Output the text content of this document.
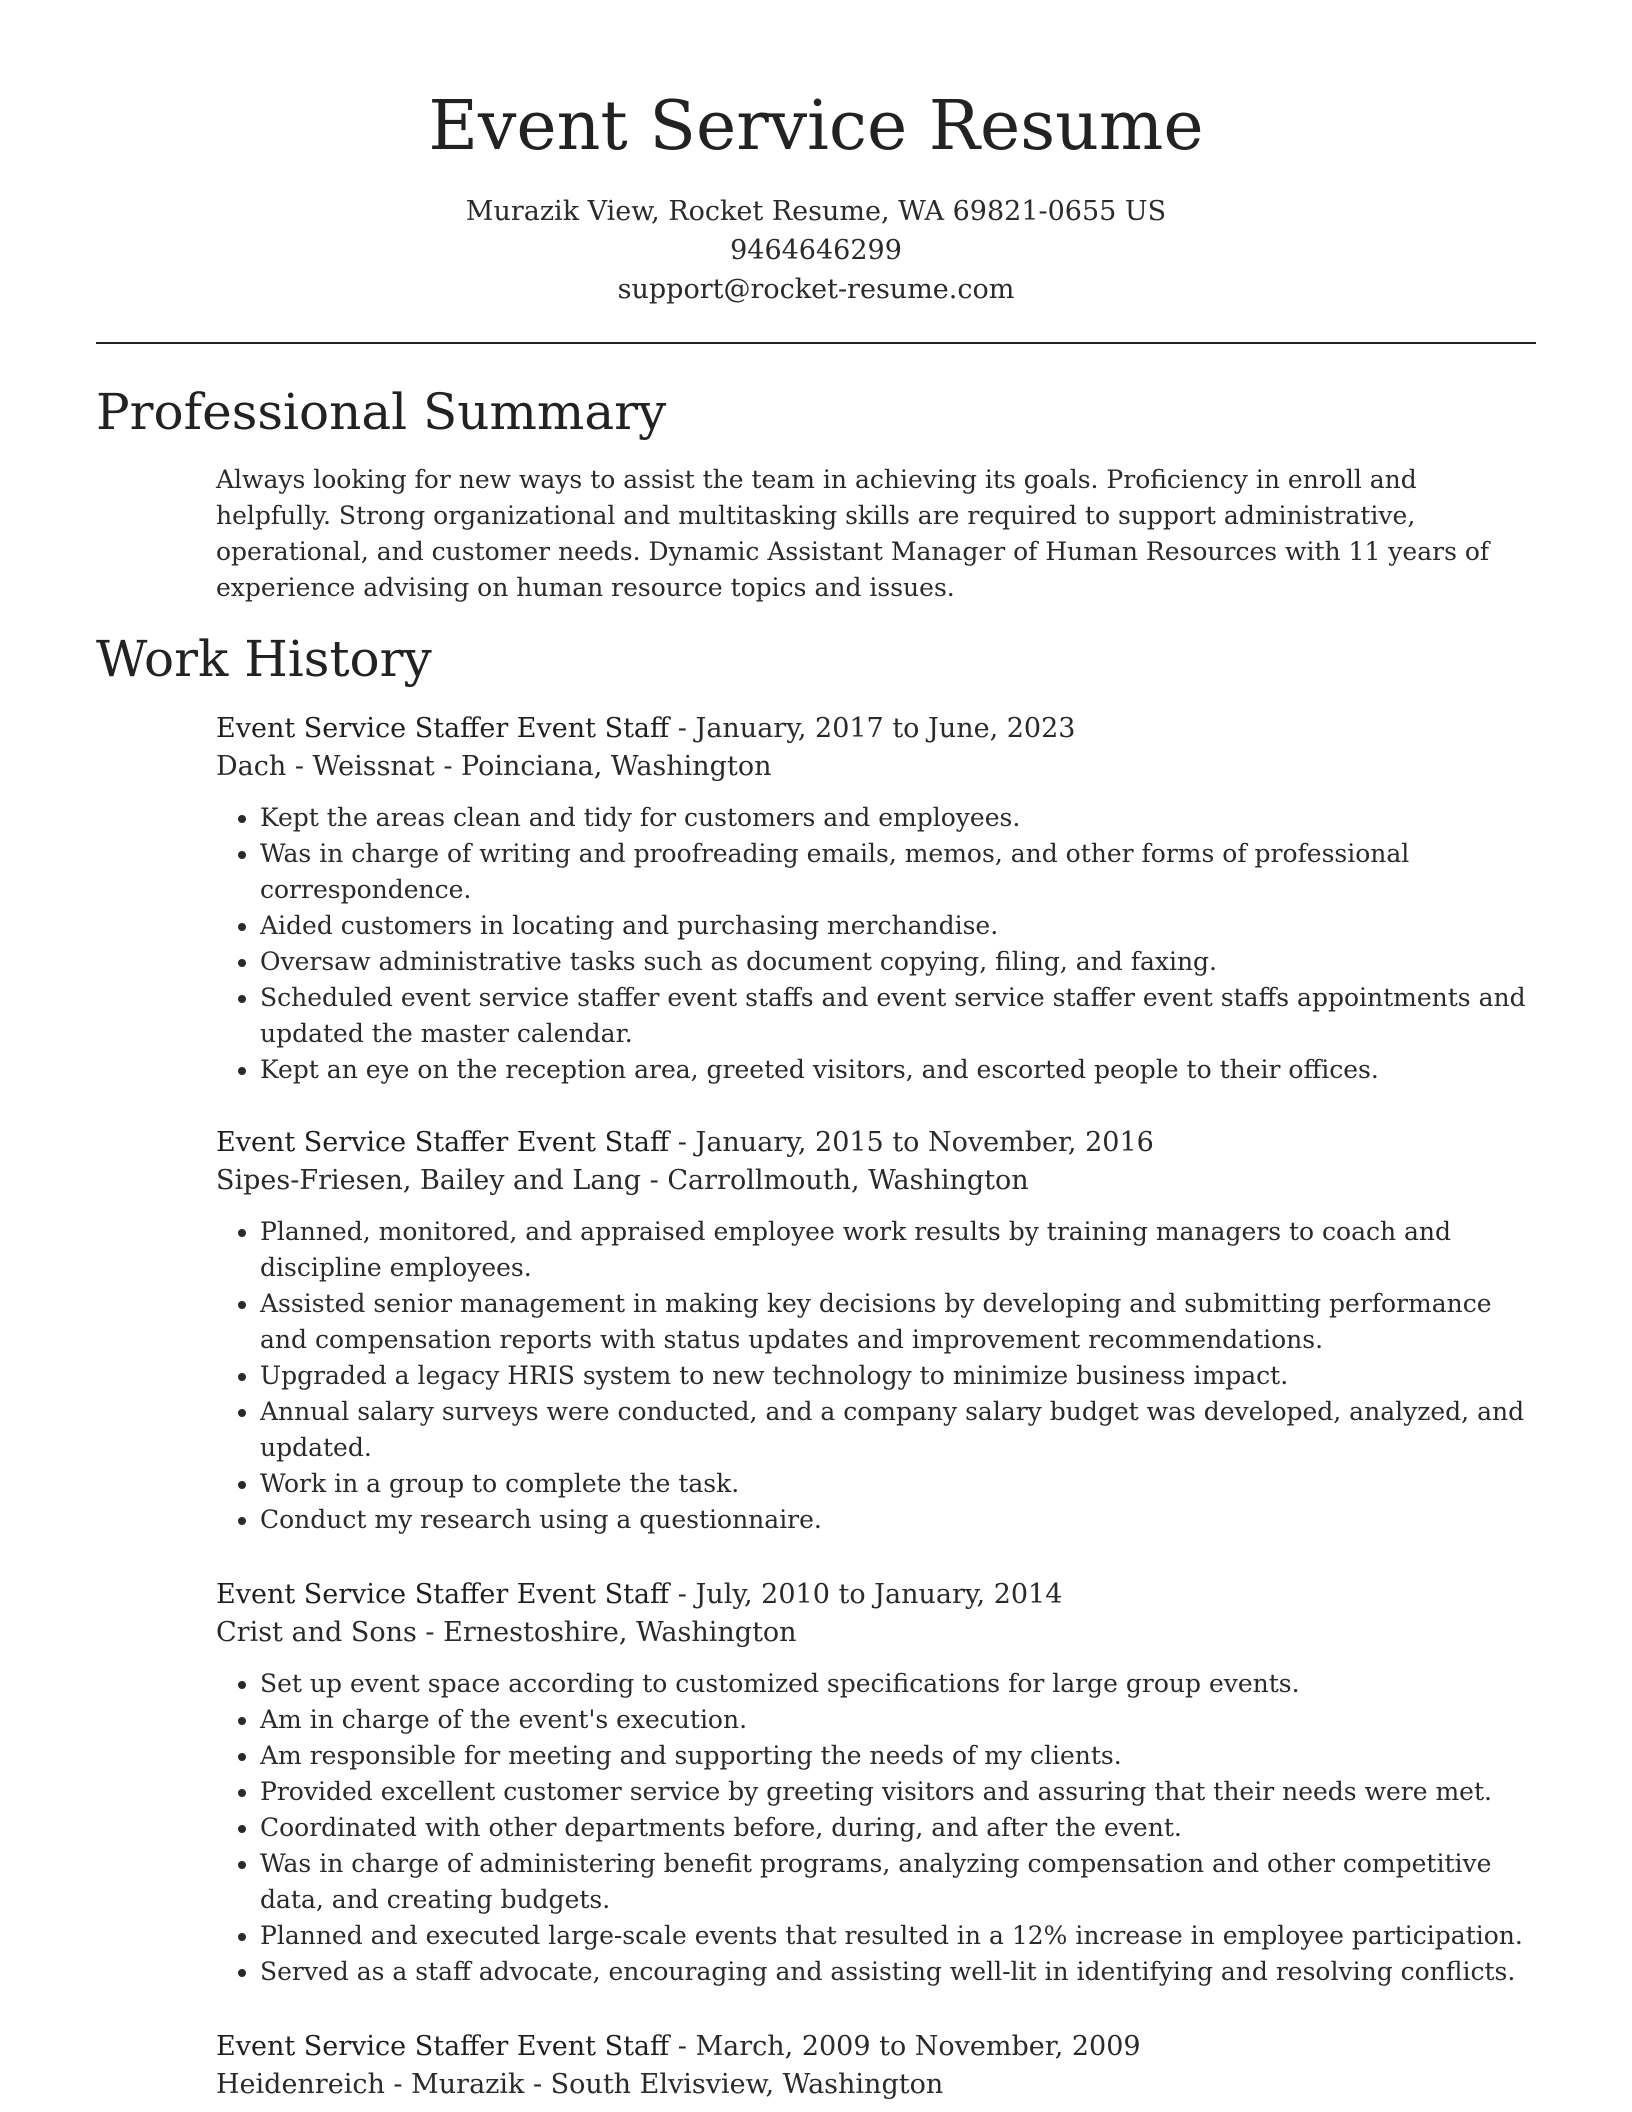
Event Service Resume
Murazik View, Rocket Resume, WA 69821-0655 US
9464646299
support@rocket-resume.com
Professional Summary

Always looking for new ways to assist the team in achieving its goals. Proficiency in enroll and helpfully. Strong organizational and multitasking skills are required to support administrative, operational, and customer needs. Dynamic Assistant Manager of Human Resources with 11 years of experience advising on human resource topics and issues.

Work History

Event Service Staffer Event Staff - January, 2017 to June, 2023

Dach - Weissnat - Poinciana, Washington

• Kept the areas clean and tidy for customers and employees.
• Was in charge of writing and proofreading emails, memos, and other forms of professional correspondence.
• Aided customers in locating and purchasing merchandise.
• Oversaw administrative tasks such as document copying, filing, and faxing.
• Scheduled event service staffer event staffs and event service staffer event staffs appointments and updated the master calendar.
• Kept an eye on the reception area, greeted visitors, and escorted people to their offices.

Event Service Staffer Event Staff - January, 2015 to November, 2016

Sipes-Friesen, Bailey and Lang - Carrollmouth, Washington

• Planned, monitored, and appraised employee work results by training managers to coach and discipline employees.
• Assisted senior management in making key decisions by developing and submitting performance and compensation reports with status updates and improvement recommendations.
• Upgraded a legacy HRIS system to new technology to minimize business impact.
• Annual salary surveys were conducted, and a company salary budget was developed, analyzed, and updated.
• Work in a group to complete the task.
• Conduct my research using a questionnaire.

Event Service Staffer Event Staff - July, 2010 to January, 2014

Crist and Sons - Ernestoshire, Washington

• Set up event space according to customized specifications for large group events.
• Am in charge of the event's execution.
• Am responsible for meeting and supporting the needs of my clients.
• Provided excellent customer service by greeting visitors and assuring that their needs were met.
• Coordinated with other departments before, during, and after the event.
• Was in charge of administering benefit programs, analyzing compensation and other competitive data, and creating budgets.
• Planned and executed large-scale events that resulted in a 12% increase in employee participation.
• Served as a staff advocate, encouraging and assisting well-lit in identifying and resolving conflicts.

Event Service Staffer Event Staff - March, 2009 to November, 2009

Heidenreich - Murazik - South Elvisview, Washington
